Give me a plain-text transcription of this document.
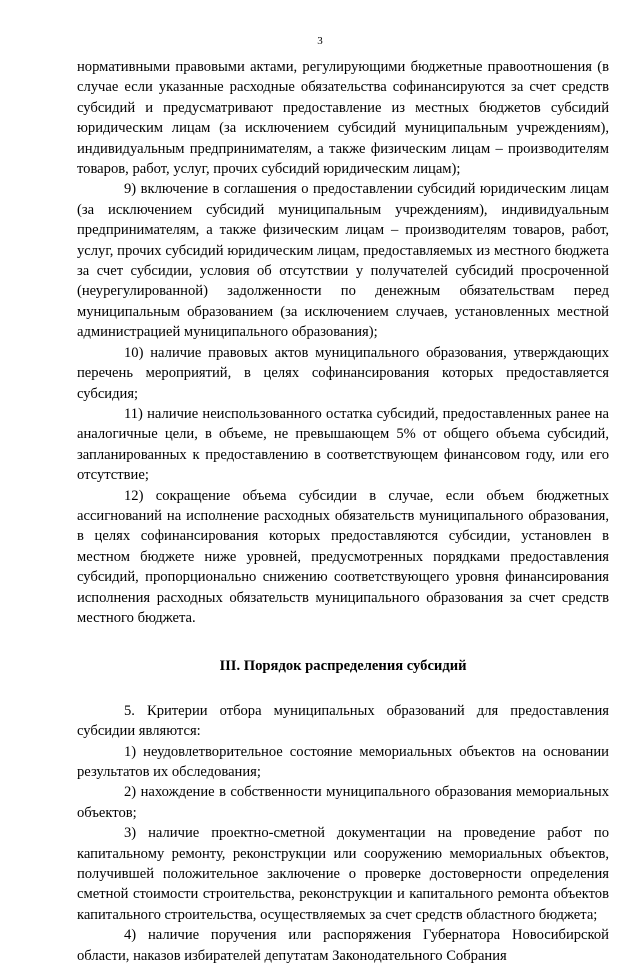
3

нормативными правовыми актами, регулирующими бюджетные правоотношения (в случае если указанные расходные обязательства софинансируются за счет средств субсидий и предусматривают предоставление из местных бюджетов субсидий юридическим лицам (за исключением субсидий муниципальным учреждениям), индивидуальным предпринимателям, а также физическим лицам – производителям товаров, работ, услуг, прочих субсидий юридическим лицам);

9) включение в соглашения о предоставлении субсидий юридическим лицам (за исключением субсидий муниципальным учреждениям), индивидуальным предпринимателям, а также физическим лицам – производителям товаров, работ, услуг, прочих субсидий юридическим лицам, предоставляемых из местного бюджета за счет субсидии, условия об отсутствии у получателей субсидий просроченной (неурегулированной) задолженности по денежным обязательствам перед муниципальным образованием (за исключением случаев, установленных местной администрацией муниципального образования);

10) наличие правовых актов муниципального образования, утверждающих перечень мероприятий, в целях софинансирования которых предоставляется субсидия;

11) наличие неиспользованного остатка субсидий, предоставленных ранее на аналогичные цели, в объеме, не превышающем 5% от общего объема субсидий, запланированных к предоставлению в соответствующем финансовом году, или его отсутствие;

12) сокращение объема субсидии в случае, если объем бюджетных ассигнований на исполнение расходных обязательств муниципального образования, в целях софинансирования которых предоставляются субсидии, установлен в местном бюджете ниже уровней, предусмотренных порядками предоставления субсидий, пропорционально снижению соответствующего уровня финансирования исполнения расходных обязательств муниципального образования за счет средств местного бюджета.

III. Порядок распределения субсидий

5. Критерии отбора муниципальных образований для предоставления субсидии являются:

1) неудовлетворительное состояние мемориальных объектов на основании результатов их обследования;

2) нахождение в собственности муниципального образования мемориальных объектов;

3) наличие проектно-сметной документации на проведение работ по капитальному ремонту, реконструкции или сооружению мемориальных объектов, получившей положительное заключение о проверке достоверности определения сметной стоимости строительства, реконструкции и капитального ремонта объектов капитального строительства, осуществляемых за счет средств областного бюджета;

4) наличие поручения или распоряжения Губернатора Новосибирской области, наказов избирателей депутатам Законодательного Собрания
